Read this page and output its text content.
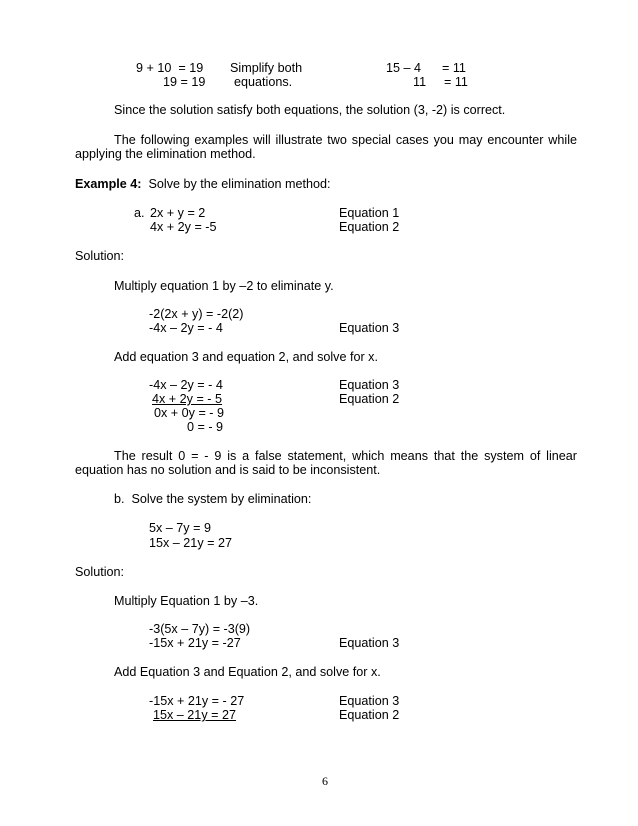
9 + 10  = 19 Simplify both	15 – 4 = 11
19 = 19 equations.	11 = 11
Since the solution satisfy both equations, the solution (3, -2) is correct.
The following examples will illustrate two special cases you may encounter while applying the elimination method.
Example 4: Solve by the elimination method:
a. 2x + y = 2	Equation 1
4x + 2y = -5	Equation 2
Solution:
Multiply equation 1 by –2 to eliminate y.
-2(2x + y) = -2(2)
-4x – 2y = - 4	Equation 3
Add equation 3 and equation 2, and solve for x.
-4x – 2y = - 4	Equation 3
4x + 2y = - 5	Equation 2
0x + 0y = - 9
0 = - 9
The result 0 = - 9 is a false statement, which means that the system of linear equation has no solution and is said to be inconsistent.
b.  Solve the system by elimination:
5x – 7y = 9
15x – 21y = 27
Solution:
Multiply Equation 1 by –3.
-3(5x – 7y) = -3(9)
-15x + 21y = -27	Equation 3
Add Equation 3 and Equation 2, and solve for x.
-15x + 21y = - 27	Equation 3
15x – 21y = 27	Equation 2
6
